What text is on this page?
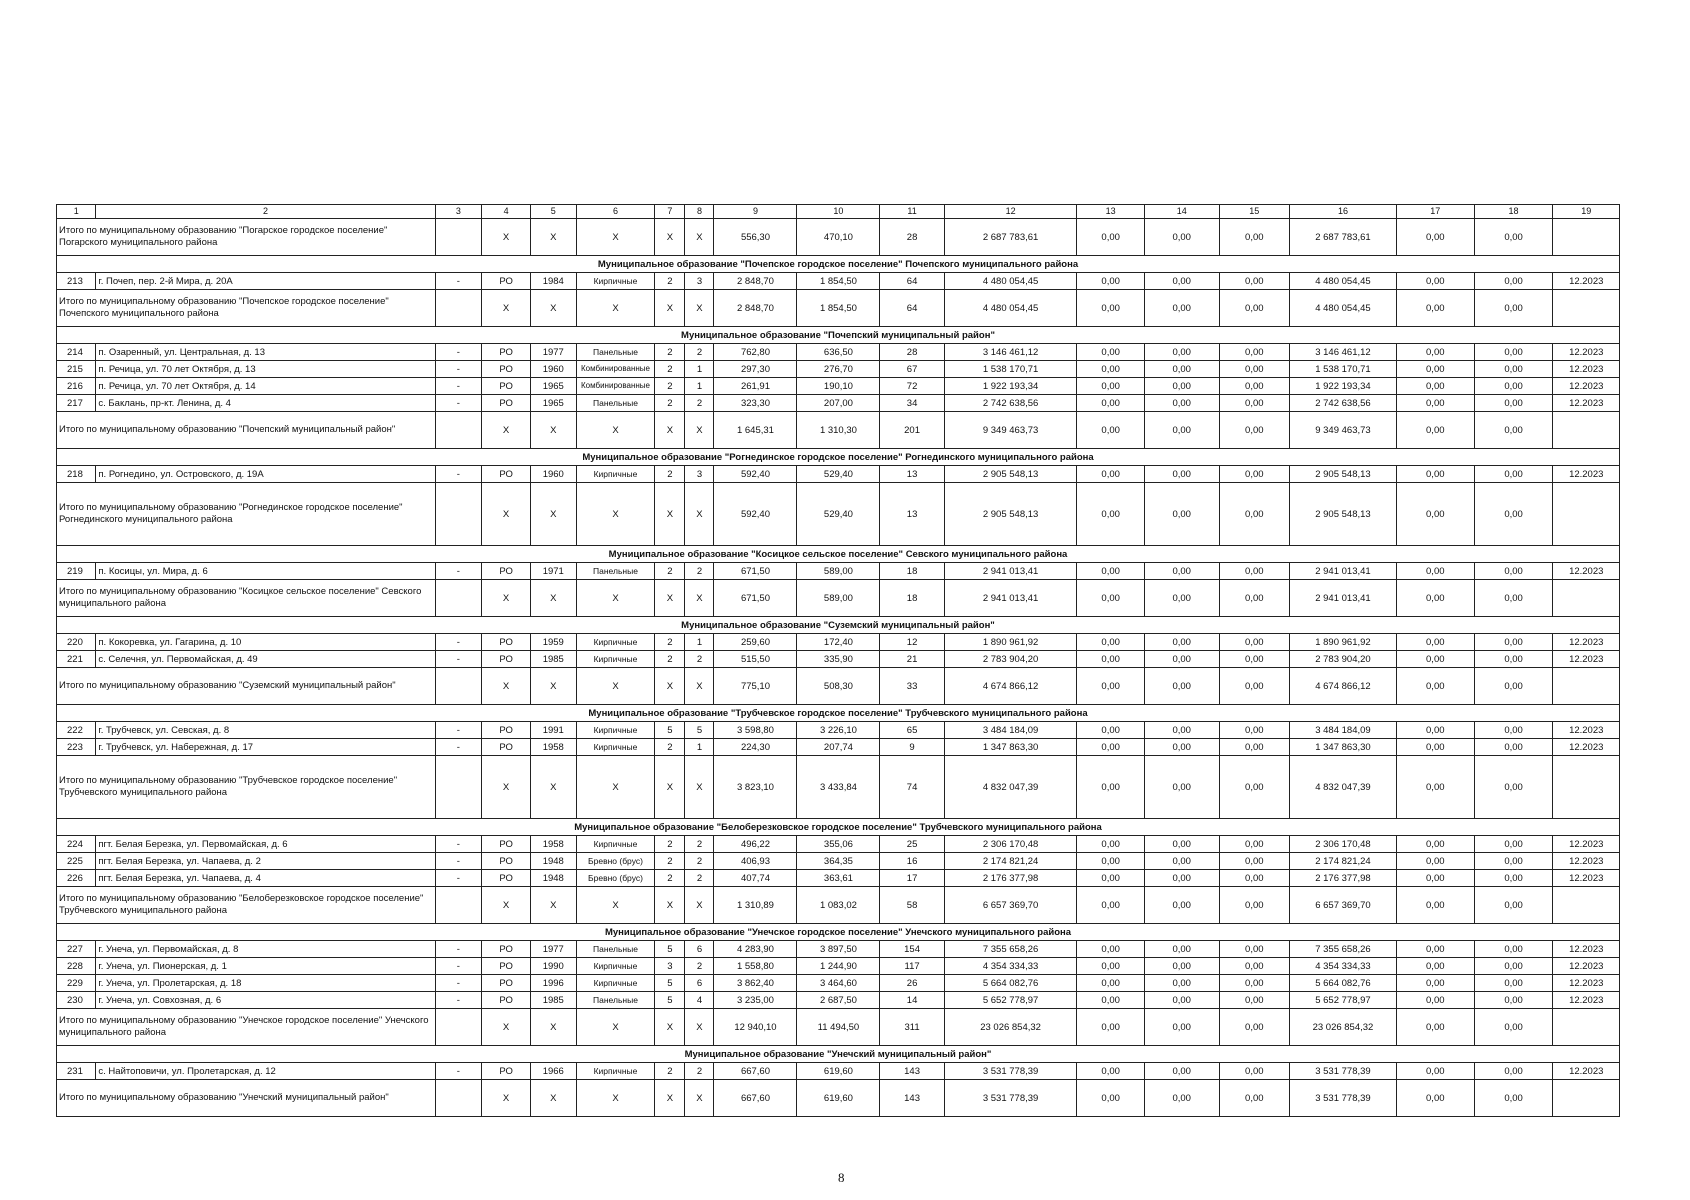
1	2	3	4	5	6	7	8	9	10	11	12	13	14	15	16	17	18	19
Итого по муниципальному образованию "Погарское городское поселение" Погарского муниципального района			X	X	X	X	X	556,30	470,10	28	2 687 783,61	0,00	0,00	0,00	2 687 783,61	0,00	0,00	
Муниципальное образование "Почепское городское поселение" Почепского муниципального района																		
213	г. Почеп, пер. 2-й Мира, д. 20А	-	РО	1984	Кирпичные	2	3	2 848,70	1 854,50	64	4 480 054,45	0,00	0,00	0,00	4 480 054,45	0,00	0,00	12.2023
Итого по муниципальному образованию "Почепское городское поселение" Почепского муниципального района			X	X	X	X	X	2 848,70	1 854,50	64	4 480 054,45	0,00	0,00	0,00	4 480 054,45	0,00	0,00	
Муниципальное образование "Почепский муниципальный район"																		
214	п. Озаренный, ул. Центральная, д. 13	-	РО	1977	Панельные	2	2	762,80	636,50	28	3 146 461,12	0,00	0,00	0,00	3 146 461,12	0,00	0,00	12.2023
215	п. Речица, ул. 70 лет Октября, д. 13	-	РО	1960	Комбинированные	2	1	297,30	276,70	67	1 538 170,71	0,00	0,00	0,00	1 538 170,71	0,00	0,00	12.2023
216	п. Речица, ул. 70 лет Октября, д. 14	-	РО	1965	Комбинированные	2	1	261,91	190,10	72	1 922 193,34	0,00	0,00	0,00	1 922 193,34	0,00	0,00	12.2023
217	с. Баклань, пр-кт. Ленина, д. 4	-	РО	1965	Панельные	2	2	323,30	207,00	34	2 742 638,56	0,00	0,00	0,00	2 742 638,56	0,00	0,00	12.2023
Итого по муниципальному образованию "Почепский муниципальный район"			X	X	X	X	X	1 645,31	1 310,30	201	9 349 463,73	0,00	0,00	0,00	9 349 463,73	0,00	0,00	
Муниципальное образование "Рогнединское городское поселение" Рогнединского муниципального района																		
218	п. Рогнедино, ул. Островского, д. 19А	-	РО	1960	Кирпичные	2	3	592,40	529,40	13	2 905 548,13	0,00	0,00	0,00	2 905 548,13	0,00	0,00	12.2023
Итого по муниципальному образованию "Рогнединское городское поселение" Рогнединского муниципального района			X	X	X	X	X	592,40	529,40	13	2 905 548,13	0,00	0,00	0,00	2 905 548,13	0,00	0,00	
Муниципальное образование "Косицкое сельское поселение" Севского муниципального района																		
219	п. Косицы, ул. Мира, д. 6	-	РО	1971	Панельные	2	2	671,50	589,00	18	2 941 013,41	0,00	0,00	0,00	2 941 013,41	0,00	0,00	12.2023
Итого по муниципальному образованию "Косицкое сельское поселение" Севского муниципального района			X	X	X	X	X	671,50	589,00	18	2 941 013,41	0,00	0,00	0,00	2 941 013,41	0,00	0,00	
Муниципальное образование "Суземский муниципальный район"																		
220	п. Кокоревка, ул. Гагарина, д. 10	-	РО	1959	Кирпичные	2	1	259,60	172,40	12	1 890 961,92	0,00	0,00	0,00	1 890 961,92	0,00	0,00	12.2023
221	с. Селечня, ул. Первомайская, д. 49	-	РО	1985	Кирпичные	2	2	515,50	335,90	21	2 783 904,20	0,00	0,00	0,00	2 783 904,20	0,00	0,00	12.2023
Итого по муниципальному образованию "Суземский муниципальный район"			X	X	X	X	X	775,10	508,30	33	4 674 866,12	0,00	0,00	0,00	4 674 866,12	0,00	0,00	
Муниципальное образование "Трубчевское городское поселение" Трубчевского муниципального района																		
222	г. Трубчевск, ул. Севская, д. 8	-	РО	1991	Кирпичные	5	5	3 598,80	3 226,10	65	3 484 184,09	0,00	0,00	0,00	3 484 184,09	0,00	0,00	12.2023
223	г. Трубчевск, ул. Набережная, д. 17	-	РО	1958	Кирпичные	2	1	224,30	207,74	9	1 347 863,30	0,00	0,00	0,00	1 347 863,30	0,00	0,00	12.2023
Итого по муниципальному образованию "Трубчевское городское поселение" Трубчевского муниципального района			X	X	X	X	X	3 823,10	3 433,84	74	4 832 047,39	0,00	0,00	0,00	4 832 047,39	0,00	0,00	
Муниципальное образование "Белоберезковское городское поселение" Трубчевского муниципального района																		
224	пгт. Белая Березка, ул. Первомайская, д. 6	-	РО	1958	Кирпичные	2	2	496,22	355,06	25	2 306 170,48	0,00	0,00	0,00	2 306 170,48	0,00	0,00	12.2023
225	пгт. Белая Березка, ул. Чапаева, д. 2	-	РО	1948	Бревно (брус)	2	2	406,93	364,35	16	2 174 821,24	0,00	0,00	0,00	2 174 821,24	0,00	0,00	12.2023
226	пгт. Белая Березка, ул. Чапаева, д. 4	-	РО	1948	Бревно (брус)	2	2	407,74	363,61	17	2 176 377,98	0,00	0,00	0,00	2 176 377,98	0,00	0,00	12.2023
Итого по муниципальному образованию "Белоберезковское городское поселение" Трубчевского муниципального района			X	X	X	X	X	1 310,89	1 083,02	58	6 657 369,70	0,00	0,00	0,00	6 657 369,70	0,00	0,00	
Муниципальное образование "Унечское городское поселение" Унечского муниципального района																		
227	г. Унеча, ул. Первомайская, д. 8	-	РО	1977	Панельные	5	6	4 283,90	3 897,50	154	7 355 658,26	0,00	0,00	0,00	7 355 658,26	0,00	0,00	12.2023
228	г. Унеча, ул. Пионерская, д. 1	-	РО	1990	Кирпичные	3	2	1 558,80	1 244,90	117	4 354 334,33	0,00	0,00	0,00	4 354 334,33	0,00	0,00	12.2023
229	г. Унеча, ул. Пролетарская, д. 18	-	РО	1996	Кирпичные	5	6	3 862,40	3 464,60	26	5 664 082,76	0,00	0,00	0,00	5 664 082,76	0,00	0,00	12.2023
230	г. Унеча, ул. Совхозная, д. 6	-	РО	1985	Панельные	5	4	3 235,00	2 687,50	14	5 652 778,97	0,00	0,00	0,00	5 652 778,97	0,00	0,00	12.2023
Итого по муниципальному образованию "Унечское городское поселение" Унечского муниципального района			X	X	X	X	X	12 940,10	11 494,50	311	23 026 854,32	0,00	0,00	0,00	23 026 854,32	0,00	0,00	
Муниципальное образование "Унечский муниципальный район"																		
231	с. Найтоповичи, ул. Пролетарская, д. 12	-	РО	1966	Кирпичные	2	2	667,60	619,60	143	3 531 778,39	0,00	0,00	0,00	3 531 778,39	0,00	0,00	12.2023
Итого по муниципальному образованию "Унечский муниципальный район"			X	X	X	X	X	667,60	619,60	143	3 531 778,39	0,00	0,00	0,00	3 531 778,39	0,00	0,00	
8
